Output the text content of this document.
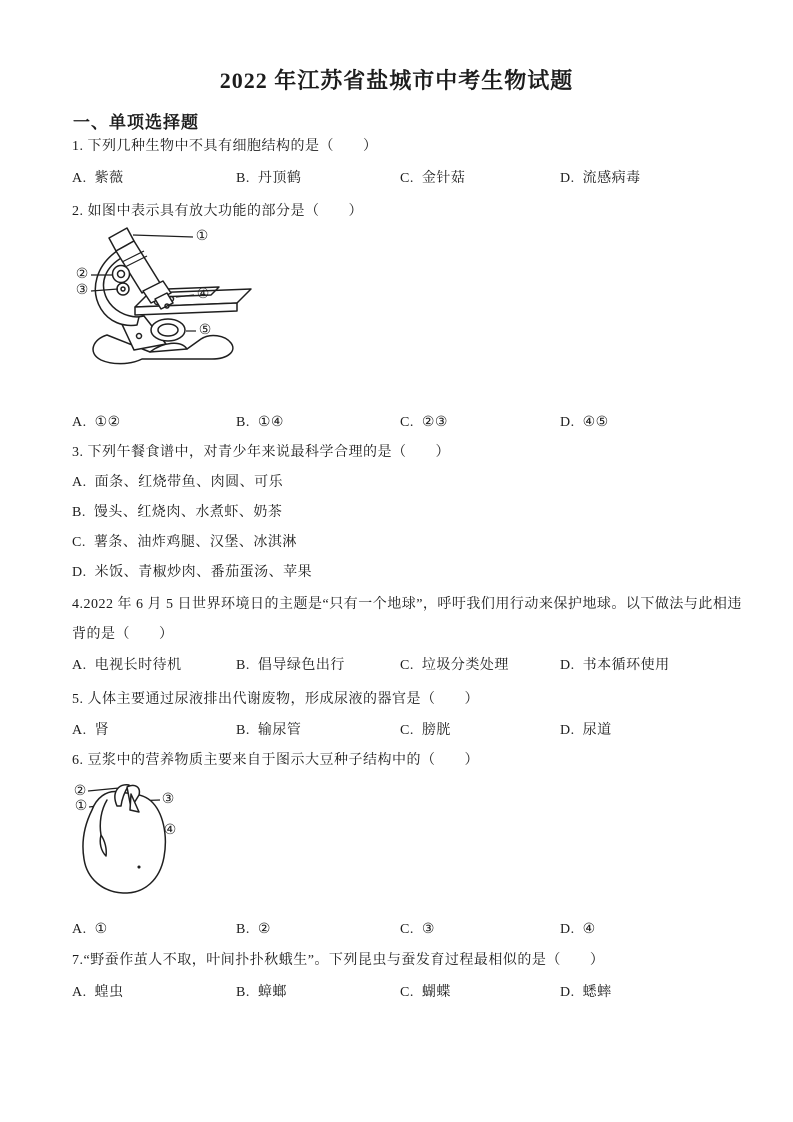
2022 年江苏省盐城市中考生物试题
一、单项选择题
1. 下列几种生物中不具有细胞结构的是（　　）
A.  紫薇	B.  丹顶鹤	C.  金针菇	D.  流感病毒
2. 如图中表示具有放大功能的部分是（　　）
①
②
③	④
⑤
A.  ①②	B.  ①④	C.  ②③	D.  ④⑤
3. 下列午餐食谱中，对青少年来说最科学合理的是（　　）
A.  面条、红烧带鱼、肉圆、可乐
B.  馒头、红烧肉、水煮虾、奶茶
C.  薯条、油炸鸡腿、汉堡、冰淇淋
D.  米饭、青椒炒肉、番茄蛋汤、苹果
4.2022 年 6 月 5 日世界环境日的主题是“只有一个地球”，呼吁我们用行动来保护地球。以下做法与此相违
背的是（　　）
A.  电视长时待机	B.  倡导绿色出行	C.  垃圾分类处理	D.  书本循环使用
5. 人体主要通过尿液排出代谢废物，形成尿液的器官是（　　）
A.  肾	B.  输尿管	C.  膀胱	D.  尿道
6. 豆浆中的营养物质主要来自于图示大豆种子结构中的（　　）
②
①	③
④
A.  ①	B.  ②	C.  ③	D.  ④
7.“野蚕作茧人不取，叶间扑扑秋蛾生”。下列昆虫与蚕发育过程最相似的是（　　）
A.  蝗虫	B.  蟑螂	C.  蝴蝶	D.  蟋蟀
